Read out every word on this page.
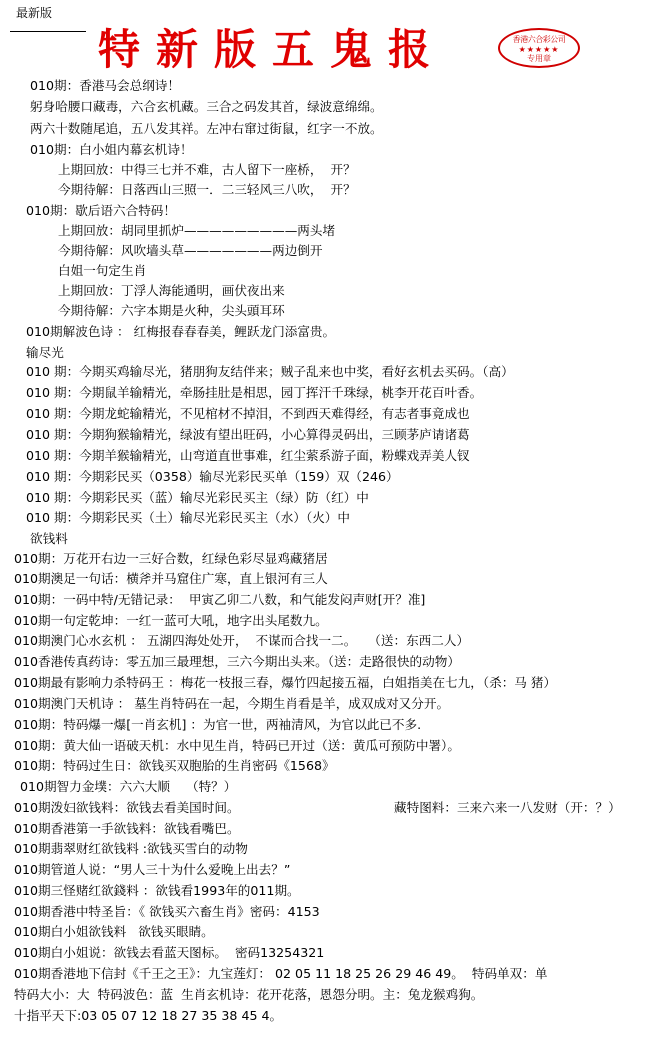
最新版
特新版五鬼报	香港六合彩公司
★★★★★
专用章
010期：香港马会总纲诗！
躬身哈腰口藏毒，六合玄机藏。三合之码发其首，绿波意绵绵。
两六十数随尾追，五八发其祥。左冲右窜过街鼠，红字一不放。
010期：白小姐内幕玄机诗！
上期回放：中得三七并不难，古人留下一座桥，  开？
今期待解：日落西山三照一．二三轻风三八吹，  开？
010期：歇后语六合特码！
上期回放：胡同里抓炉—————————两头堵
今期待解：风吹墙头草———————两边倒开
白姐一句定生肖
上期回放：丁浮人海能通明，画伏夜出来
今期待解：六字本期是火种，尖头頭耳环
010期解波色诗 ： 红梅报春春春美，鲤跃龙门添富贵。
输尽光
010 期：今期买鸡输尽光，猪朋狗友结伴来；贼子乱来也中奖，看好玄机去买码。（高）
010 期：今期鼠羊输精光，牵肠挂肚是相思，园丁挥汗千珠绿，桃李开花百叶香。
010 期：今期龙蛇输精光，不见棺材不掉泪，不到西天难得经，有志者事竟成也
010 期：今期狗猴输精光，绿波有望出旺码，小心算得灵码出，三顾茅庐请诸葛
010 期：今期羊猴输精光，山弯道直世事难，红尘萦系游子面，粉蝶戏弄美人钗
010 期：今期彩民买（0358）输尽光彩民买单（159）双（246）
010 期：今期彩民买（蓝）输尽光彩民买主（绿）防（红）中
010 期：今期彩民买（土）输尽光彩民买主（水）（火）中
欲钱料
010期：万花开右边一三好合数，红绿色彩尽显鸡藏猪居
010期澳足一句话：横斧并马窟住广寒，直上银河有三人
010期：一码中特/无错记录：  甲寅乙卯二八数，和气能发闷声财[开？准]
010期一句定乾坤：一红一蓝可大吼，地字出头尾数九。
010期澳门心水玄机 ： 五湖四海处处开，  不谋而合找一二。   （送：东西二人）
010香港传真药诗：零五加三最理想，三六今期出头来。（送：走路很快的动物）
010期最有影响力杀特码王 ：梅花一枝报三春，爆竹四起接五福，白姐指美在七九，（杀：马 猪）
010期澳门天机诗 ： 墓生肖特码在一起，今期生肖看是羊，成双成对又分开。
010期：特码爆一爆[一肖玄机] ：为官一世，两袖清风，为官以此已不多.
010期：黄大仙一语破天机：水中见生肖，特码已开过（送：黄瓜可预防中署）。
010期：特码过生日：欲钱买双胞胎的生肖密码《1568》
010期智力金墣：六六大顺    （特？）
010期泼妇欲钱料：欲钱去看美国时间。	藏特图料：三来六来一八发财（开：？）
010期香港第一手欲钱料：欲钱看嘴巴。
010期翡翠财红欲钱料 :欲钱买雪白的动物
010期管道人说：“男人三十为什么爱晚上出去？”
010期三怪赌红欲錢料 ：欲钱看1993年的011期。
010期香港中特圣旨：《 欲钱买六畜生肖》密码：4153
010期白小姐欲钱料   欲钱买眼睛。
010期白小姐说：欲钱去看蓝天图标。  密码13254321
010期香港地下信封《千王之王》：九宝莲灯： 02 05 11 18 25 26 29 46 49。  特码单双：单
特码大小：大  特码波色：蓝  生肖玄机诗：花开花落，恩怨分明。主：兔龙猴鸡狗。
十指平天下:03 05 07 12 18 27 35 38 45 4。
